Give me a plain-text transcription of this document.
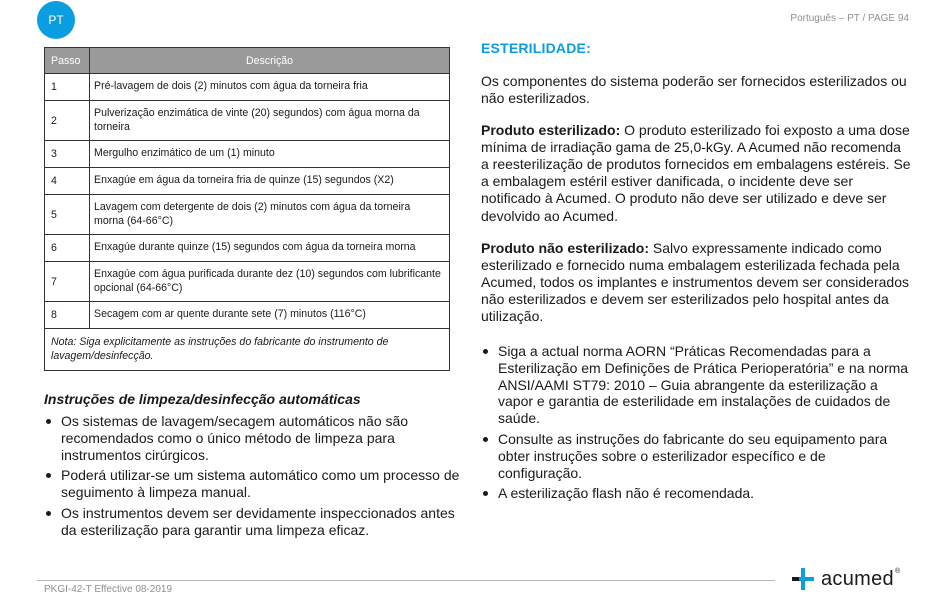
PT	Português – PT / PAGE 94
Passo	Descrição
1	Pré-lavagem de dois (2) minutos com água da torneira fria
2	Pulverização enzimática de vinte (20) segundos) com água morna da torneira
3	Mergulho enzimático de um (1) minuto
4	Enxagúe em água da torneira fria de quinze (15) segundos (X2)
5	Lavagem com detergente de dois (2) minutos com água da torneira morna (64-66°C)
6	Enxagúe durante quinze (15) segundos com água da torneira morna
7	Enxagúe com água purificada durante dez (10) segundos com lubrificante opcional (64-66°C)
8	Secagem com ar quente durante sete (7) minutos (116°C)
Nota: Siga explicitamente as instruções do fabricante do instrumento de lavagem/desinfecção.	
Instruções de limpeza/desinfecção automáticas
Os sistemas de lavagem/secagem automáticos não são recomendados como o único método de limpeza para instrumentos cirúrgicos.
Poderá utilizar-se um sistema automático como um processo de seguimento à limpeza manual.
Os instrumentos devem ser devidamente inspeccionados antes da esterilização para garantir uma limpeza eficaz.
ESTERILIDADE:

Os componentes do sistema poderão ser fornecidos esterilizados ou não esterilizados.

Produto esterilizado: O produto esterilizado foi exposto a uma dose mínima de irradiação gama de 25,0-kGy. A Acumed não recomenda a reesterilização de produtos fornecidos em embalagens estéreis. Se a embalagem estéril estiver danificada, o incidente deve ser notificado à Acumed. O produto não deve ser utilizado e deve ser devolvido ao Acumed.

Produto não esterilizado: Salvo expressamente indicado como esterilizado e fornecido numa embalagem esterilizada fechada pela Acumed, todos os implantes e instrumentos devem ser considerados não esterilizados e devem ser esterilizados pelo hospital antes da utilização.

Siga a actual norma AORN “Práticas Recomendadas para a Esterilização em Definições de Prática Perioperatória” e na norma ANSI/AAMI ST79: 2010 – Guia abrangente da esterilização a vapor e garantia de esterilidade em instalações de cuidados de saúde.
Consulte as instruções do fabricante do seu equipamento para obter instruções sobre o esterilizador específico e de configuração.
A esterilização flash não é recomendada.
PKGI-42-T Effective 08-2019	acumed®
